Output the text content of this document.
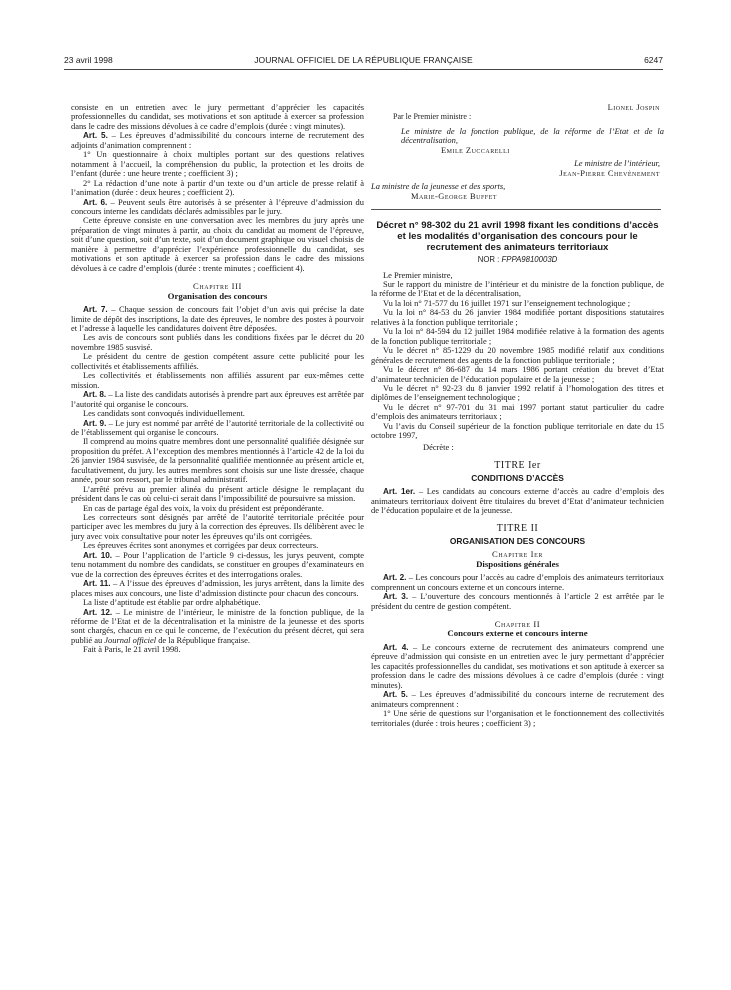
23 avril 1998	JOURNAL OFFICIEL DE LA RÉPUBLIQUE FRANÇAISE	6247

consiste en un entretien avec le jury permettant d’apprécier les capacités professionnelles du candidat, ses motivations et son aptitude à exercer sa profession dans le cadre des missions dévolues à ce cadre d’emplois (durée : vingt minutes).

Art. 5. – Les épreuves d’admissibilité du concours interne de recrutement des adjoints d’animation comprennent :

1° Un questionnaire à choix multiples portant sur des questions relatives notamment à l’accueil, la compréhension du public, la protection et les droits de l’enfant (durée : une heure trente ; coefficient 3) ;

2° La rédaction d’une note à partir d’un texte ou d’un article de presse relatif à l’animation (durée : deux heures ; coefficient 2).

Art. 6. – Peuvent seuls être autorisés à se présenter à l’épreuve d’admission du concours interne les candidats déclarés admissibles par le jury.

Cette épreuve consiste en une conversation avec les membres du jury après une préparation de vingt minutes à partir, au choix du candidat au moment de l’épreuve, soit d’une question, soit d’un texte, soit d’un document graphique ou visuel choisis de manière à permettre d’apprécier l’expérience professionnelle du candidat, ses motivations et son aptitude à exercer sa profession dans le cadre des missions dévolues à ce cadre d’emplois (durée : trente minutes ; coefficient 4).

Chapitre III

Organisation des concours

Art. 7. – Chaque session de concours fait l’objet d’un avis qui précise la date limite de dépôt des inscriptions, la date des épreuves, le nombre des postes à pourvoir et l’adresse à laquelle les candidatures doivent être déposées.

Les avis de concours sont publiés dans les conditions fixées par le décret du 20 novembre 1985 susvisé.

Le président du centre de gestion compétent assure cette publicité pour les collectivités et établissements affiliés.

Les collectivités et établissements non affiliés assurent par eux-mêmes cette mission.

Art. 8. – La liste des candidats autorisés à prendre part aux épreuves est arrêtée par l’autorité qui organise le concours.

Les candidats sont convoqués individuellement.

Art. 9. – Le jury est nommé par arrêté de l’autorité territoriale de la collectivité ou de l’établissement qui organise le concours.

Il comprend au moins quatre membres dont une personnalité qualifiée désignée sur proposition du préfet. A l’exception des membres mentionnés à l’article 42 de la loi du 26 janvier 1984 susvisée, de la personnalité qualifiée mentionnée au présent article et, facultativement, du jury. les autres membres sont choisis sur une liste dressée, chaque année, pour son ressort, par le tribunal administratif.

L’arrêté prévu au premier alinéa du présent article désigne le remplaçant du président dans le cas où celui-ci serait dans l’impossibilité de poursuivre sa mission.

En cas de partage égal des voix, la voix du président est prépondérante.

Les correcteurs sont désignés par arrêté de l’autorité territoriale précitée pour participer avec les membres du jury à la correction des épreuves. Ils délibèrent avec le jury avec voix consultative pour noter les épreuves qu’ils ont corrigées.

Les épreuves écrites sont anonymes et corrigées par deux correcteurs.

Art. 10. – Pour l’application de l’article 9 ci-dessus, les jurys peuvent, compte tenu notamment du nombre des candidats, se constituer en groupes d’examinateurs en vue de la correction des épreuves écrites et des interrogations orales.

Art. 11. – A l’issue des épreuves d’admission, les jurys arrêtent, dans la limite des places mises aux concours, une liste d’admission distincte pour chacun des concours.

La liste d’aptitude est établie par ordre alphabétique.

Art. 12. – Le ministre de l’intérieur, le ministre de la fonction publique, de la réforme de l’Etat et de la décentralisation et la ministre de la jeunesse et des sports sont chargés, chacun en ce qui le concerne, de l’exécution du présent décret, qui sera publié au Journal officiel de la République française.

Fait à Paris, le 21 avril 1998.

Lionel Jospin

Par le Premier ministre :

Le ministre de la fonction publique, de la réforme de l’Etat et de la décentralisation,

Emile Zuccarelli

Le ministre de l’intérieur,

Jean-Pierre Chevènement

La ministre de la jeunesse et des sports,

Marie-George Buffet

Décret n° 98-302 du 21 avril 1998 fixant les conditions d’accès et les modalités d’organisation des concours pour le recrutement des animateurs territoriaux

NOR : FPPA9810003D

Le Premier ministre,

Sur le rapport du ministre de l’intérieur et du ministre de la fonction publique, de la réforme de l’Etat et de la décentralisation,

Vu la loi n° 71-577 du 16 juillet 1971 sur l’enseignement technologique ;

Vu la loi n° 84-53 du 26 janvier 1984 modifiée portant dispositions statutaires relatives à la fonction publique territoriale ;

Vu la loi n° 84-594 du 12 juillet 1984 modifiée relative à la formation des agents de la fonction publique territoriale ;

Vu le décret n° 85-1229 du 20 novembre 1985 modifié relatif aux conditions générales de recrutement des agents de la fonction publique territoriale ;

Vu le décret n° 86-687 du 14 mars 1986 portant création du brevet d’Etat d’animateur technicien de l’éducation populaire et de la jeunesse ;

Vu le décret n° 92-23 du 8 janvier 1992 relatif à l’homologation des titres et diplômes de l’enseignement technologique ;

Vu le décret n° 97-701 du 31 mai 1997 portant statut particulier du cadre d’emplois des animateurs territoriaux ;

Vu l’avis du Conseil supérieur de la fonction publique territoriale en date du 15 octobre 1997,

Décrète :

TITRE Ier

CONDITIONS D’ACCÈS

Art. 1er. – Les candidats au concours externe d’accès au cadre d’emplois des animateurs territoriaux doivent être titulaires du brevet d’Etat d’animateur technicien de l’éducation populaire et de la jeunesse.

TITRE II

ORGANISATION DES CONCOURS

Chapitre Ier

Dispositions générales

Art. 2. – Les concours pour l’accès au cadre d’emplois des animateurs territoriaux comprennent un concours externe et un concours interne.

Art. 3. – L’ouverture des concours mentionnés à l’article 2 est arrêtée par le président du centre de gestion compétent.

Chapitre II

Concours externe et concours interne

Art. 4. – Le concours externe de recrutement des animateurs comprend une épreuve d’admission qui consiste en un entretien avec le jury permettant d’apprécier les capacités professionnelles du candidat, ses motivations et son aptitude à exercer sa profession dans le cadre des missions dévolues à ce cadre d’emplois (durée : vingt minutes).

Art. 5. – Les épreuves d’admissibilité du concours interne de recrutement des animateurs comprennent :

1° Une série de questions sur l’organisation et le fonctionnement des collectivités territoriales (durée : trois heures ; coefficient 3) ;
